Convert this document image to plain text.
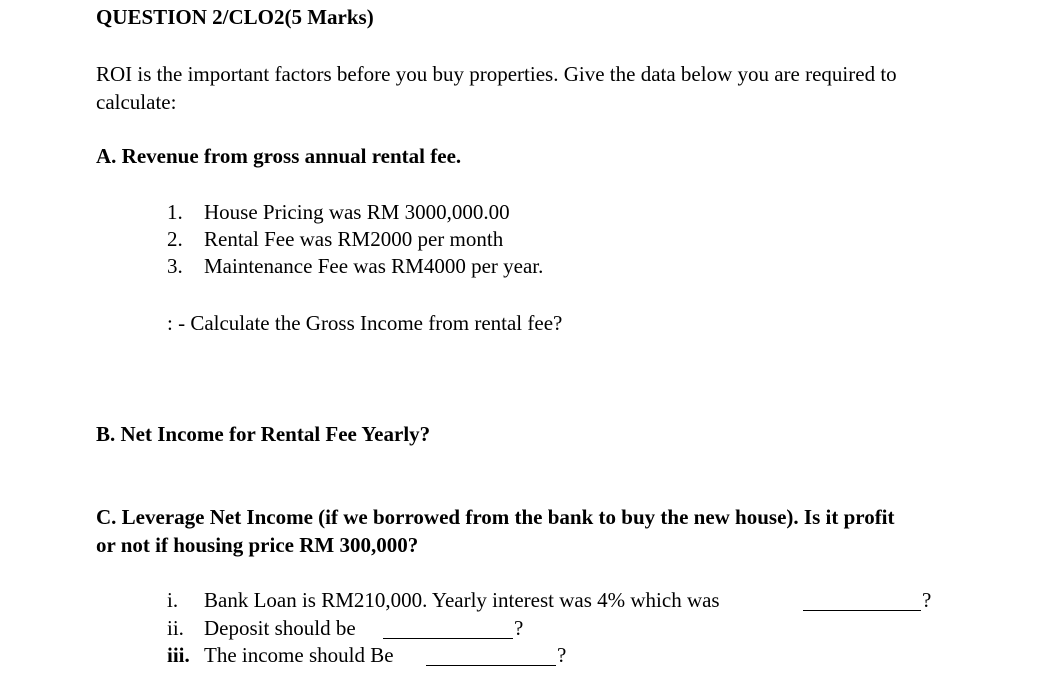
QUESTION 2/CLO2(5 Marks)
ROI is the important factors before you buy properties. Give the data below you are required to
calculate:
A. Revenue from gross annual rental fee.
1. House Pricing was RM 3000,000.00
2. Rental Fee was RM2000 per month
3. Maintenance Fee was RM4000 per year.
: - Calculate the Gross Income from rental fee?
B. Net Income for Rental Fee Yearly?
C. Leverage Net Income (if we borrowed from the bank to buy the new house). Is it profit
or not if housing price RM 300,000?
i. Bank Loan is RM210,000. Yearly interest was 4% which was	?
ii. Deposit should be	?
iii. The income should Be	?
